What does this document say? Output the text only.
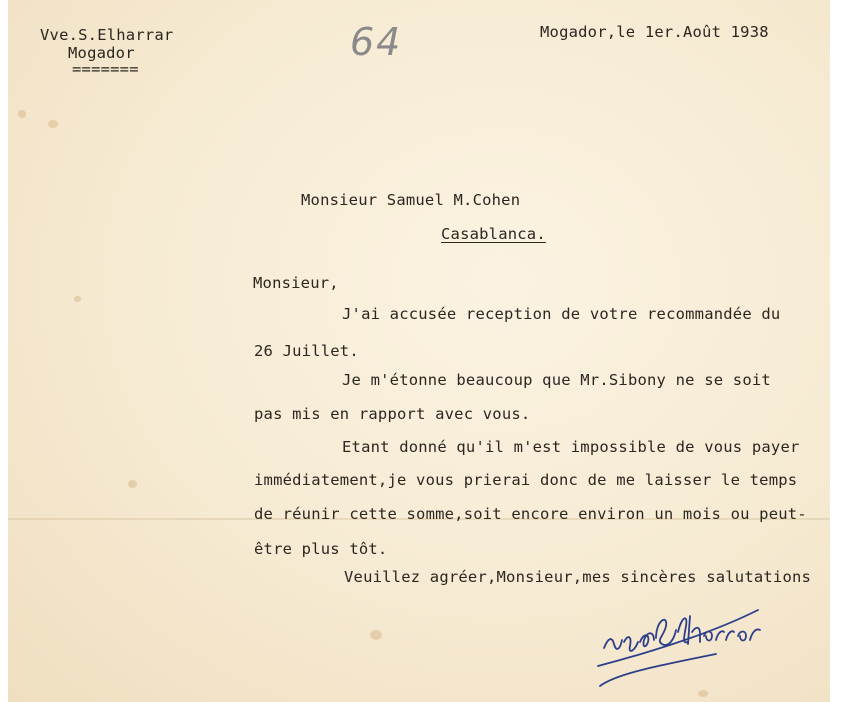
Vve.S.Elharrar
Mogador
=======
64	Mogador,le 1er.Août 1938
Monsieur Samuel M.Cohen
Casablanca.
Monsieur,
J'ai accusée reception de votre recommandée du
26 Juillet.
Je m'étonne beaucoup que Mr.Sibony ne se soit
pas mis en rapport avec vous.
Etant donné qu'il m'est impossible de vous payer
immédiatement,je vous prierai donc de me laisser le temps
de réunir cette somme,soit encore environ un mois ou peut-
être plus tôt.
Veuillez agréer,Monsieur,mes sincères salutations
Vve S.Elharrar
